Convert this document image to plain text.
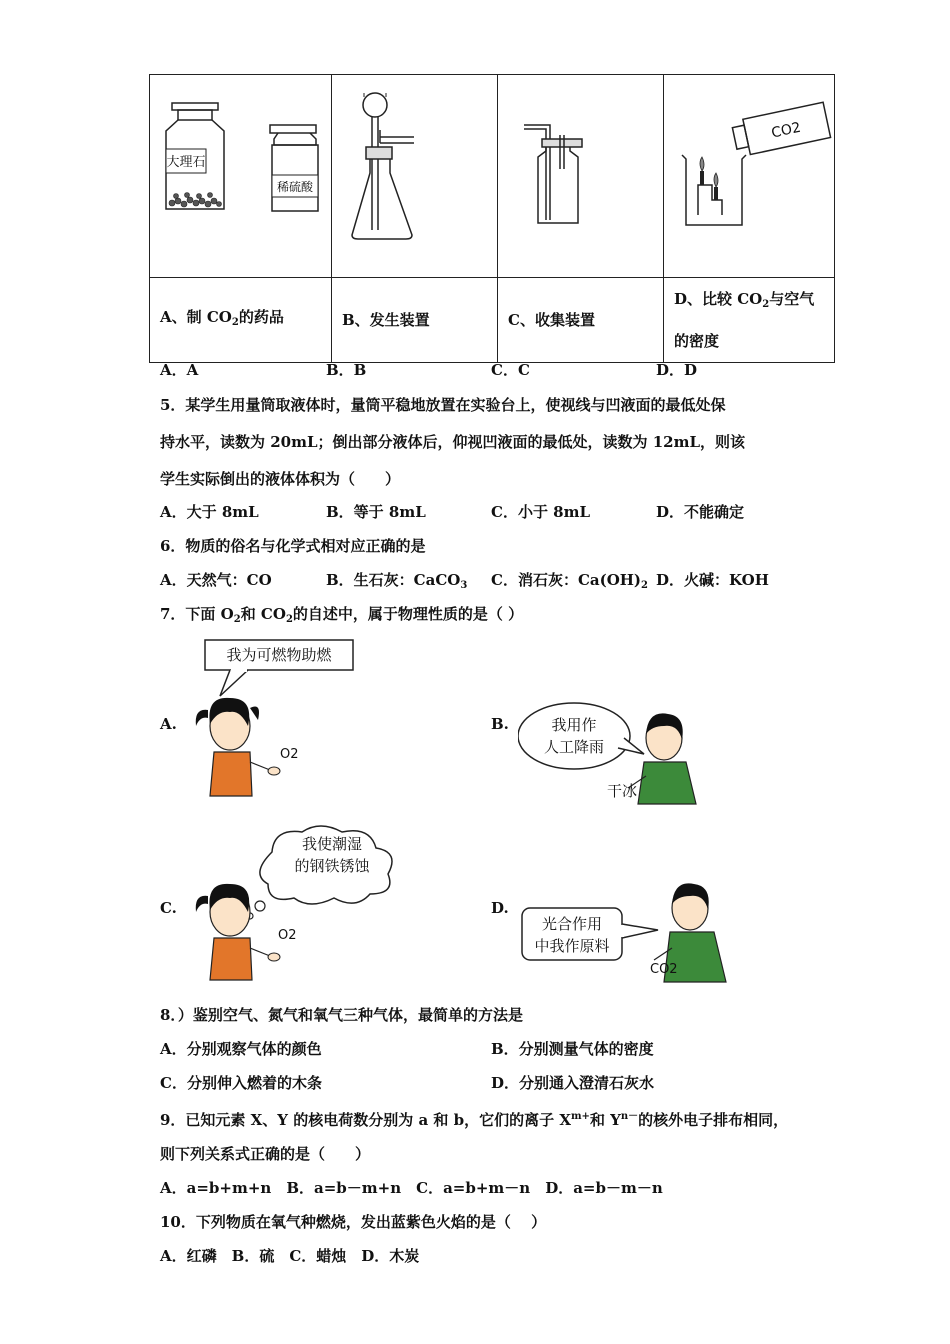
大理石
稀硫酸			CO2

A、制 $CO_2$的药品	B、发生装置	C、收集装置	D、比较 $CO_2$与空气
的密度
A．A	B．B	C．C	D．D
5．某学生用量筒取液体时，量筒平稳地放置在实验台上，使视线与凹液面的最低处保
持水平，读数为 20mL；倒出部分液体后，仰视凹液面的最低处，读数为 12mL，则该
学生实际倒出的液体体积为（　　）
A．大于 8mL	B．等于 8mL	C．小于 8mL	D．不能确定
6．物质的俗名与化学式相对应正确的是
A．天然气：CO	B．生石灰：CaCO$_3$ C．消石灰：$Ca(OH)_2$ D．火碱：KOH
7．下面 $O_2$和 $CO_2$的自述中，属于物理性质的是（ ）
A.	B.
C.	D.
我为可燃物助燃
O2
我用作
人工降雨
干冰
我使潮湿
的钢铁锈蚀
O2
光合作用
中我作原料
CO2
8．）鉴别空气、氮气和氧气三种气体，最简单的方法是
A．分别观察气体的颜色	B．分别测量气体的密度
C．分别伸入燃着的木条	D．分别通入澄清石灰水
9．已知元素 X、Y 的核电荷数分别为 a 和 b，它们的离子 $X^{m+}$和 $Y^{n-}$的核外电子排布相同，
则下列关系式正确的是（　　）
A．a=b+m+n　B．a=b－m+n　C．a=b+m－n　D．a=b－m－n
10．下列物质在氧气种燃烧，发出蓝紫色火焰的是（　 ）
A．红磷　B．硫　C．蜡烛　D．木炭
